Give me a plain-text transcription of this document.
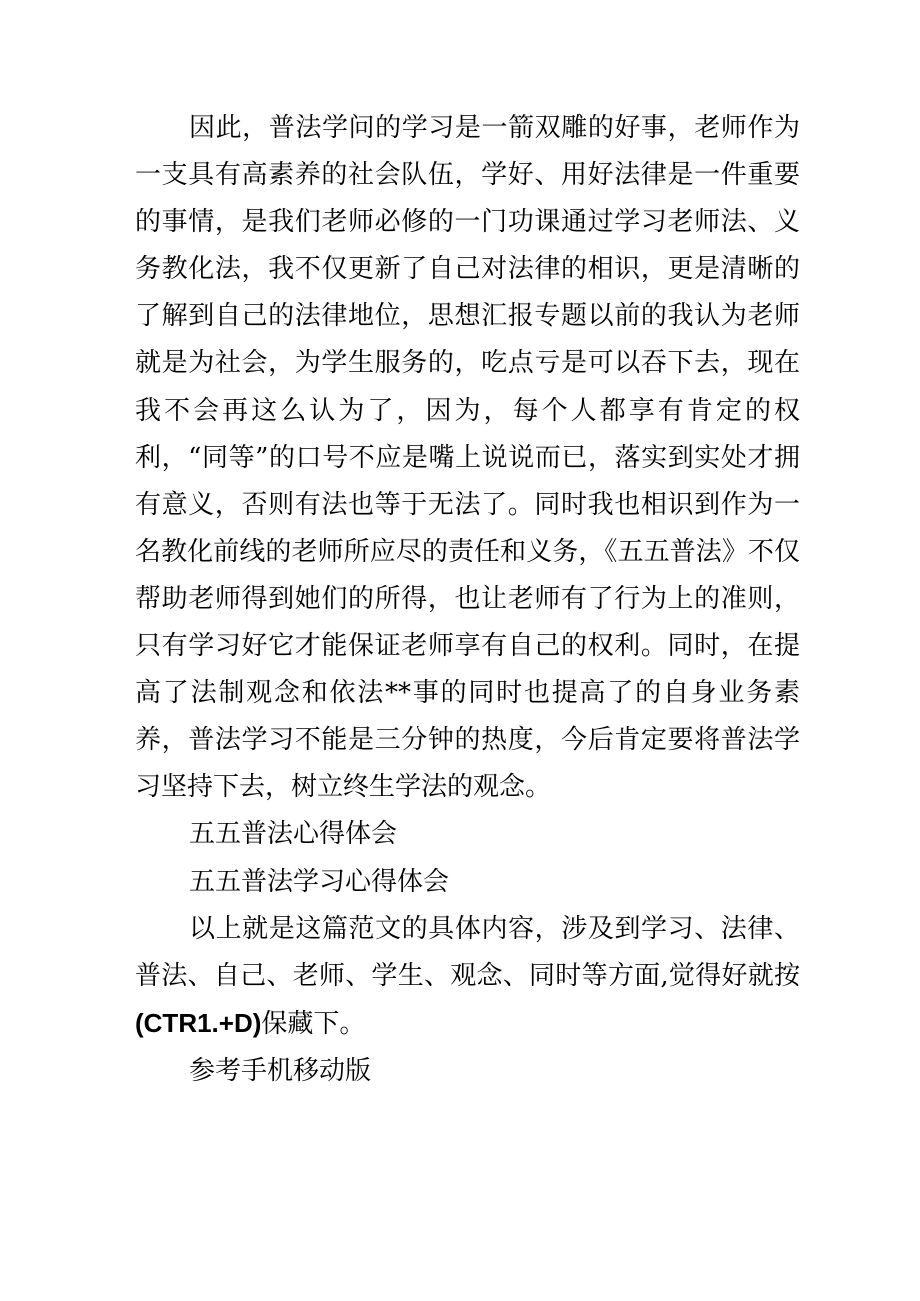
因此，普法学问的学习是一箭双雕的好事，老师作为一支具有高素养的社会队伍，学好、用好法律是一件重要的事情，是我们老师必修的一门功课通过学习老师法、义务教化法，我不仅更新了自己对法律的相识，更是清晰的了解到自己的法律地位，思想汇报专题以前的我认为老师就是为社会，为学生服务的，吃点亏是可以吞下去，现在我不会再这么认为了，因为，每个人都享有肯定的权利，“同等”的口号不应是嘴上说说而已，落实到实处才拥有意义，否则有法也等于无法了。同时我也相识到作为一名教化前线的老师所应尽的责任和义务，《五五普法》不仅帮助老师得到她们的所得，也让老师有了行为上的准则，只有学习好它才能保证老师享有自己的权利。同时，在提高了法制观念和依法**事的同时也提高了的自身业务素养，普法学习不能是三分钟的热度，今后肯定要将普法学习坚持下去，树立终生学法的观念。

五五普法心得体会

五五普法学习心得体会

以上就是这篇范文的具体内容，涉及到学习、法律、普法、自己、老师、学生、观念、同时等方面,觉得好就按(CTR1.+D)保藏下。

参考手机移动版
